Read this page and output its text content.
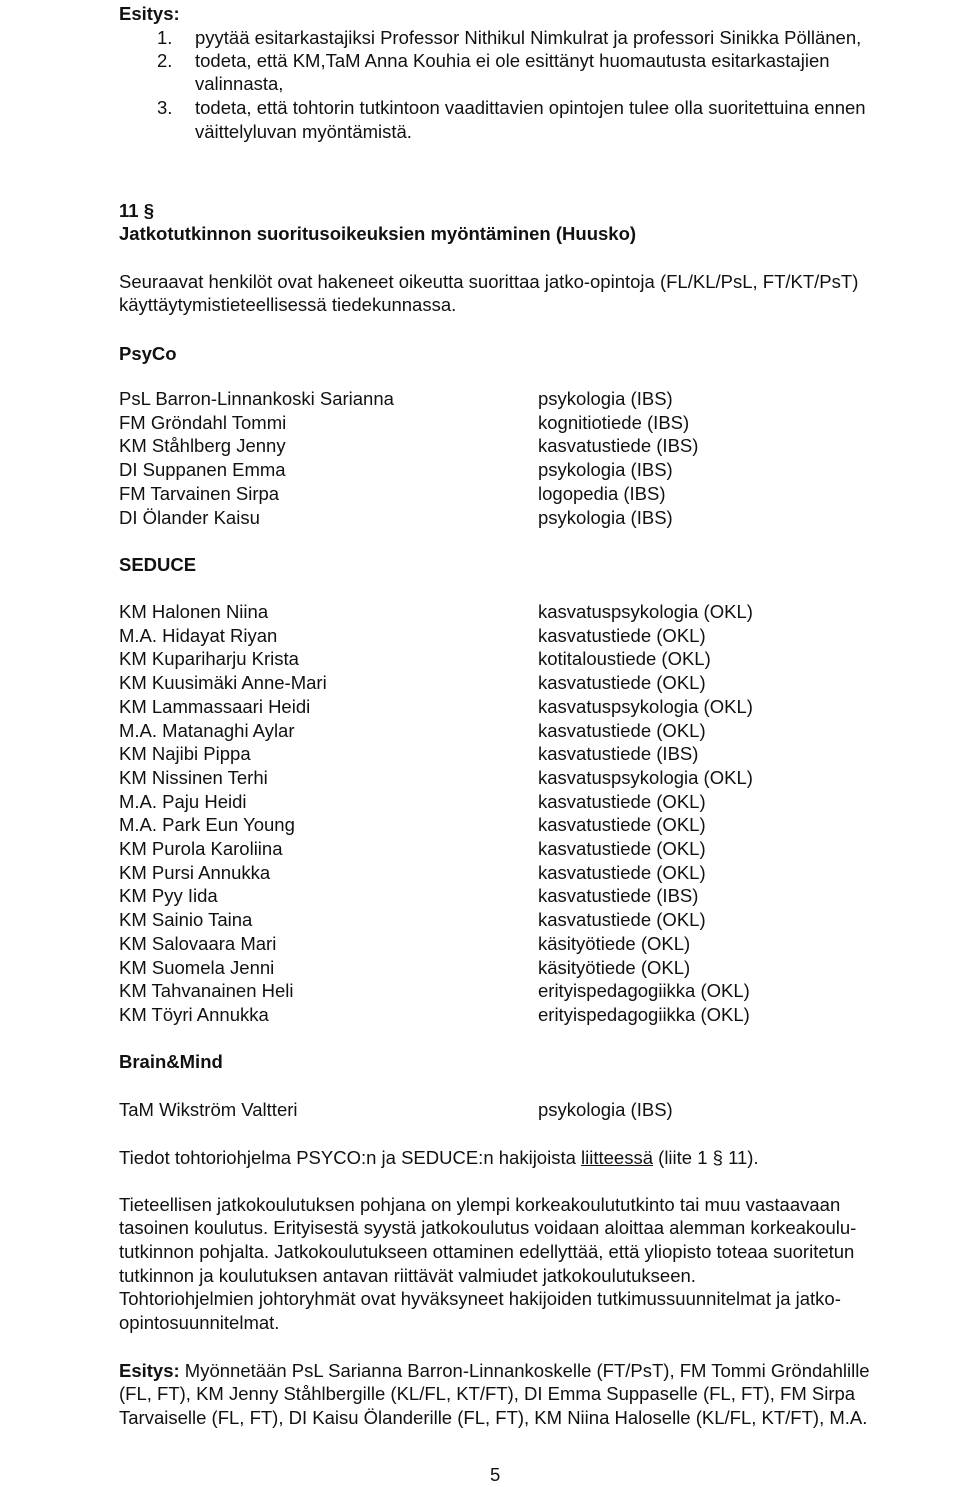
Esitys:
1. pyytää esitarkastajiksi Professor Nithikul Nimkulrat ja professori Sinikka Pöllänen,
2. todeta, että KM,TaM Anna Kouhia ei ole esittänyt huomautusta esitarkastajien
valinnasta,
3. todeta, että tohtorin tutkintoon vaadittavien opintojen tulee olla suoritettuina ennen
väittelyluvan myöntämistä.
11 §
Jatkotutkinnon suoritusoikeuksien myöntäminen (Huusko)
Seuraavat henkilöt ovat hakeneet oikeutta suorittaa jatko-opintoja (FL/KL/PsL, FT/KT/PsT)
käyttäytymistieteellisessä tiedekunnassa.
PsyCo
PsL Barron-Linnankoski Sarianna	psykologia (IBS)
FM Gröndahl Tommi	kognitiotiede (IBS)
KM Ståhlberg Jenny	kasvatustiede (IBS)
DI Suppanen Emma	psykologia (IBS)
FM Tarvainen Sirpa	logopedia (IBS)
DI Ölander Kaisu	psykologia (IBS)
SEDUCE
KM Halonen Niina	kasvatuspsykologia (OKL)
M.A. Hidayat Riyan	kasvatustiede (OKL)
KM Kupariharju Krista	kotitaloustiede (OKL)
KM Kuusimäki Anne-Mari	kasvatustiede (OKL)
KM Lammassaari Heidi	kasvatuspsykologia (OKL)
M.A. Matanaghi Aylar	kasvatustiede (OKL)
KM Najibi Pippa	kasvatustiede (IBS)
KM Nissinen Terhi	kasvatuspsykologia (OKL)
M.A. Paju Heidi	kasvatustiede (OKL)
M.A. Park Eun Young	kasvatustiede (OKL)
KM Purola Karoliina	kasvatustiede (OKL)
KM Pursi Annukka	kasvatustiede (OKL)
KM Pyy Iida	kasvatustiede (IBS)
KM Sainio Taina	kasvatustiede (OKL)
KM Salovaara Mari	käsityötiede (OKL)
KM Suomela Jenni	käsityötiede (OKL)
KM Tahvanainen Heli	erityispedagogiikka (OKL)
KM Töyri Annukka	erityispedagogiikka (OKL)
Brain&Mind
TaM Wikström Valtteri	psykologia (IBS)
Tiedot tohtoriohjelma PSYCO:n ja SEDUCE:n hakijoista liitteessä (liite 1 § 11).
Tieteellisen jatkokoulutuksen pohjana on ylempi korkeakoulututkinto tai muu vastaavaan
tasoinen koulutus. Erityisestä syystä jatkokoulutus voidaan aloittaa alemman korkeakoulu-
tutkinnon pohjalta. Jatkokoulutukseen ottaminen edellyttää, että yliopisto toteaa suoritetun
tutkinnon ja koulutuksen antavan riittävät valmiudet jatkokoulutukseen.
Tohtoriohjelmien johtoryhmät ovat hyväksyneet hakijoiden tutkimussuunnitelmat ja jatko-
opintosuunnitelmat.
Esitys: Myönnetään PsL Sarianna Barron-Linnankoskelle (FT/PsT), FM Tommi Gröndahlille
(FL, FT), KM Jenny Ståhlbergille (KL/FL, KT/FT), DI Emma Suppaselle (FL, FT), FM Sirpa
Tarvaiselle (FL, FT), DI Kaisu Ölanderille (FL, FT), KM Niina Haloselle (KL/FL, KT/FT), M.A.
5
